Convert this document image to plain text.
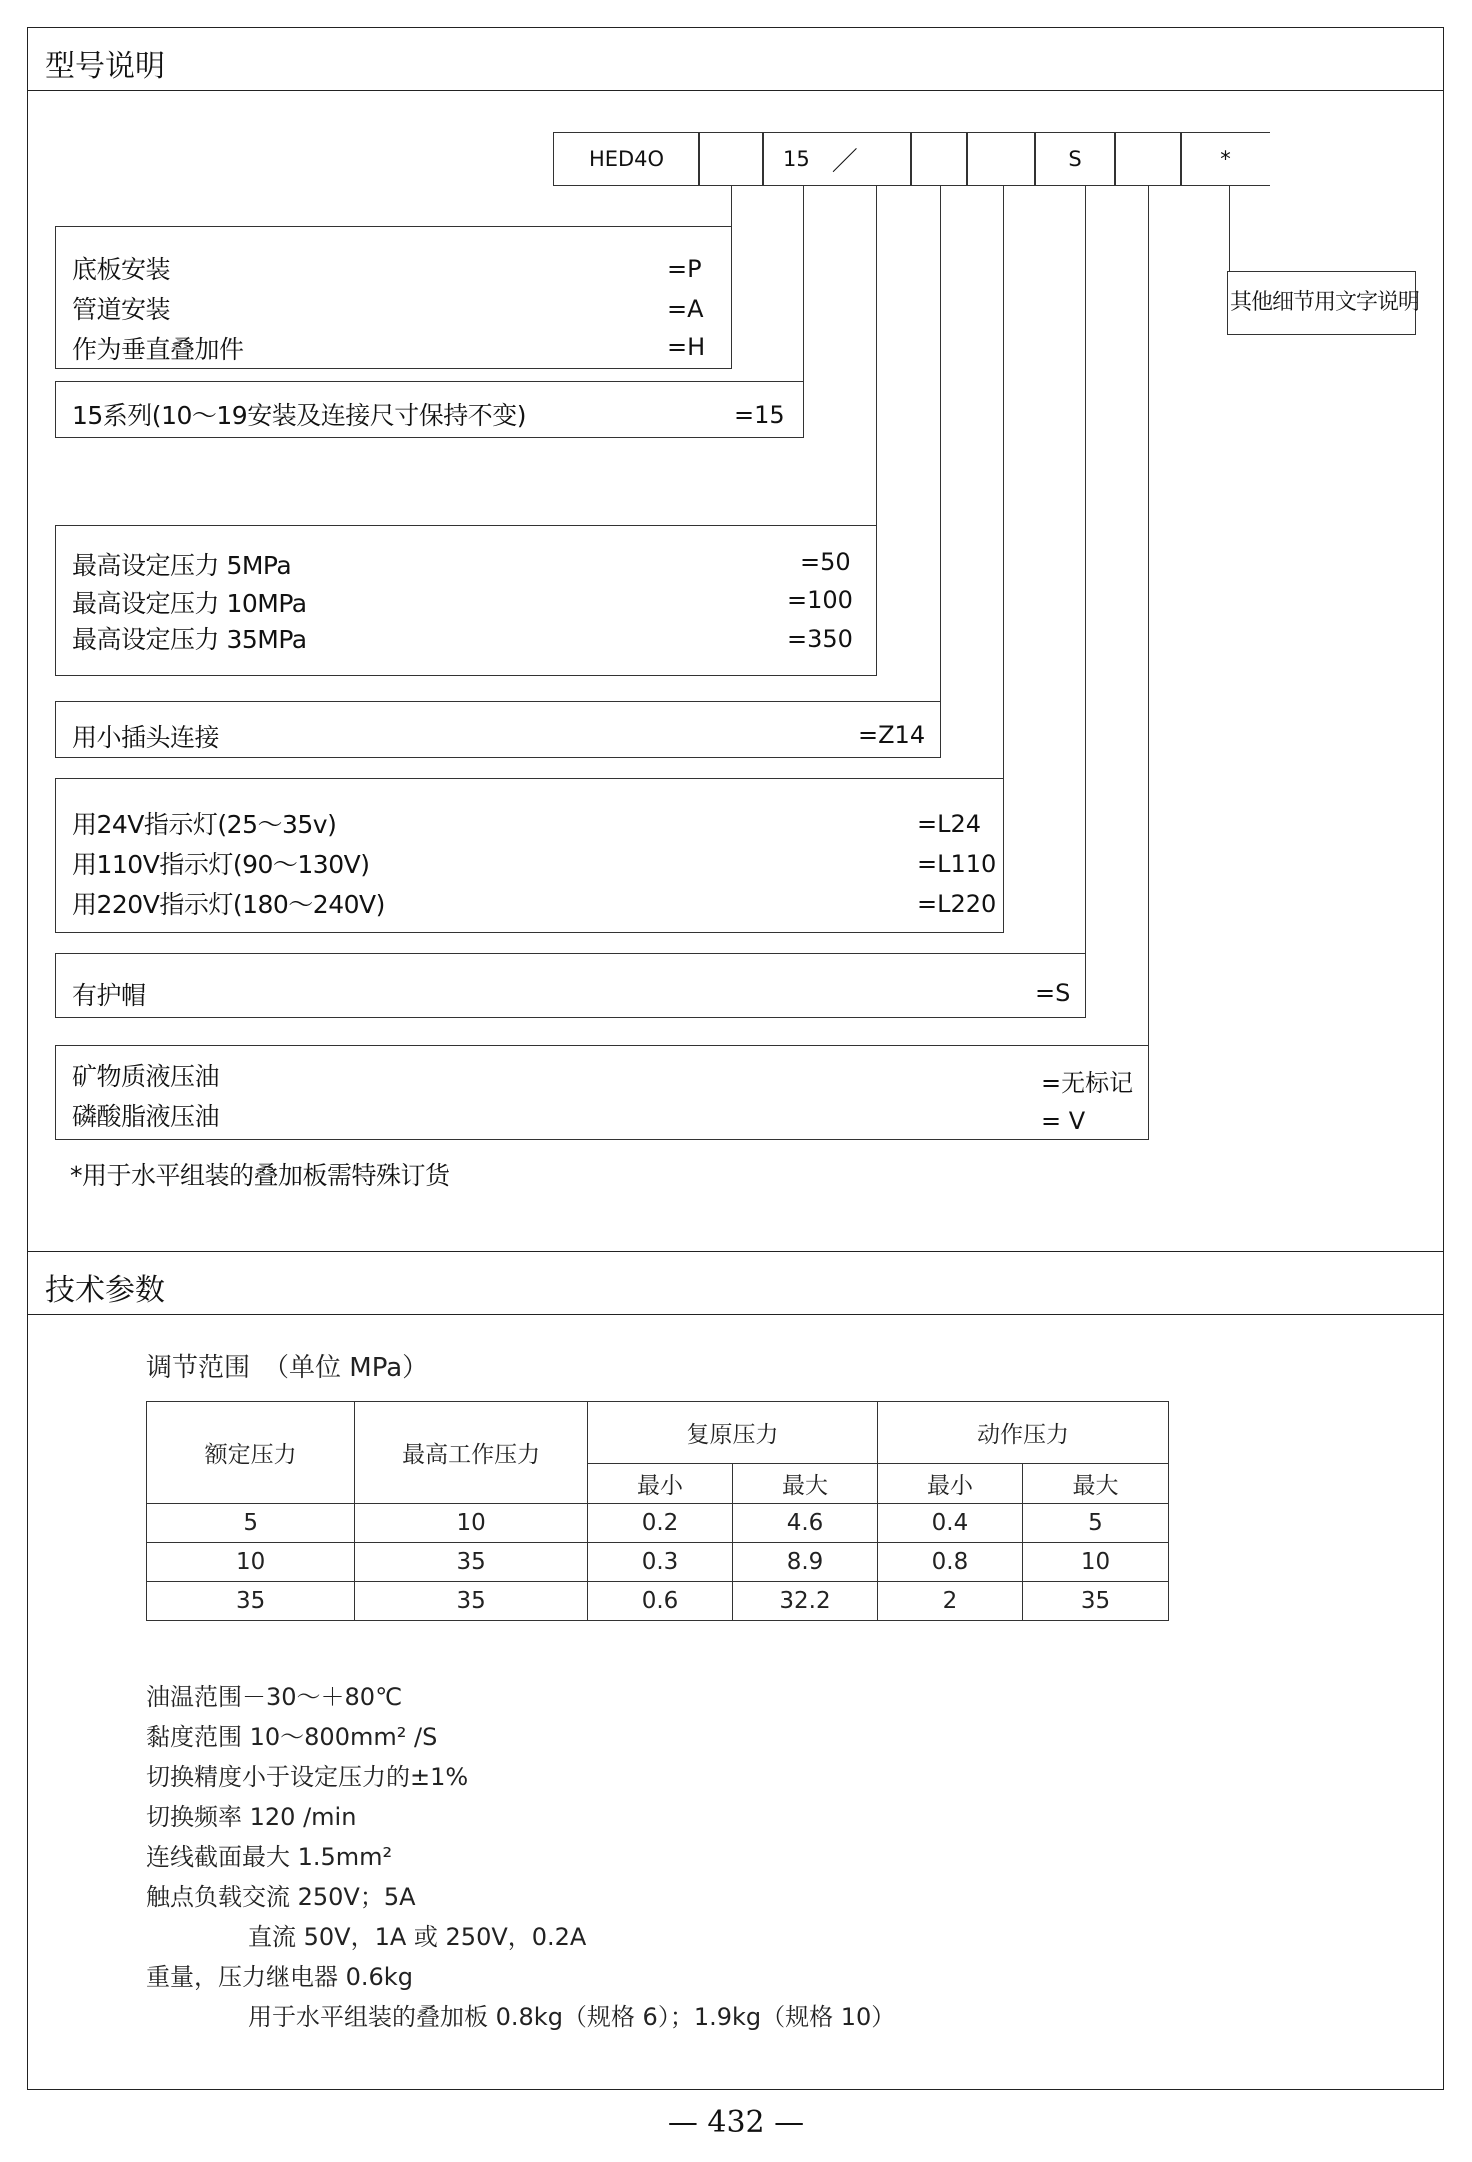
型号说明
HED4O	15 ／	S	*
底板安装	=P
管道安装	=A
作为垂直叠加件	=H
15系列(10～19安装及连接尺寸保持不变)	=15
最高设定压力 5MPa	=50
最高设定压力 10MPa	=100
最高设定压力 35MPa	=350
用小插头连接	=Z14
用24V指示灯(25～35v)	=L24
用110V指示灯(90～130V)	=L110
用220V指示灯(180～240V)	=L220
有护帽	=S
矿物质液压油	=无标记
磷酸脂液压油	= V
其他细节用文字说明
*用于水平组装的叠加板需特殊订货
技术参数
调节范围　（单位 MPa）
额定压力	最高工作压力	复原压力		动作压力	
		最小	最大	最小	最大
5	10	0.2	4.6	0.4	5
10	35	0.3	8.9	0.8	10
35	35	0.6	32.2	2	35
油温范围－30～＋80℃
黏度范围 10～800mm² /S
切换精度小于设定压力的±1%
切换频率 120 /min
连线截面最大 1.5mm²
触点负载交流 250V；5A
直流 50V，1A 或 250V，0.2A
重量，压力继电器 0.6kg
用于水平组装的叠加板 0.8kg（规格 6）；1.9kg（规格 10）
— 432 —
